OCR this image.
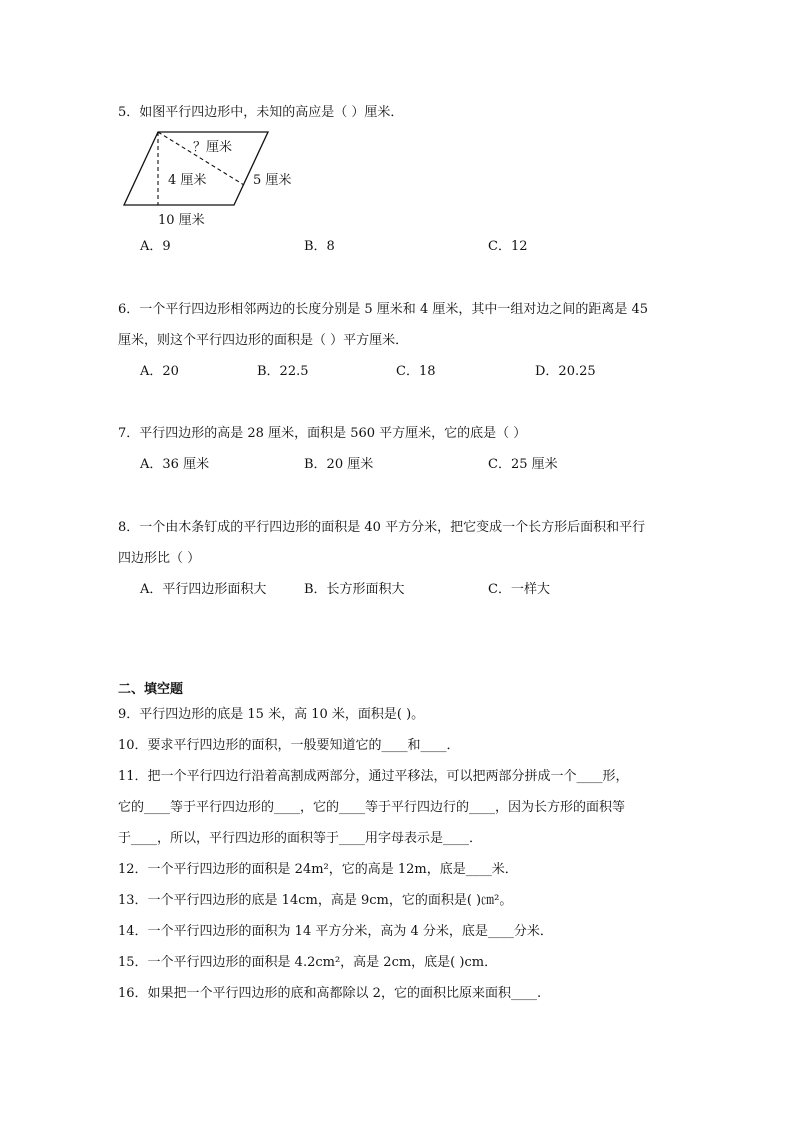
5．如图平行四边形中，未知的高应是（ ）厘米．
？厘米
4 厘米	5 厘米
10 厘米
A．9	B．8	C．12
6．一个平行四边形相邻两边的长度分别是 5 厘米和 4 厘米，其中一组对边之间的距离是 45
厘米，则这个平行四边形的面积是（ ）平方厘米．
A．20	B．22.5	C．18	D．20.25
7．平行四边形的高是 28 厘米，面积是 560 平方厘米，它的底是（ ）
A．36 厘米	B．20 厘米	C．25 厘米
8．一个由木条钉成的平行四边形的面积是 40 平方分米，把它变成一个长方形后面积和平行
四边形比（ ）
A．平行四边形面积大	B．长方形面积大	C．一样大
二、填空题
9．平行四边形的底是 15 米，高 10 米，面积是( )。
10．要求平行四边形的面积，一般要知道它的____和____．
11．把一个平行四边行沿着高割成两部分，通过平移法，可以把两部分拼成一个____形，
它的____等于平行四边形的____，它的____等于平行四边行的____，因为长方形的面积等
于____，所以，平行四边形的面积等于____用字母表示是____．
12．一个平行四边形的面积是 24m²，它的高是 12m，底是____米．
13．一个平行四边形的底是 14cm，高是 9cm，它的面积是( )㎝²。
14．一个平行四边形的面积为 14 平方分米，高为 4 分米，底是____分米．
15．一个平行四边形的面积是 4.2cm²，高是 2cm，底是( )cm．
16．如果把一个平行四边形的底和高都除以 2，它的面积比原来面积____.
